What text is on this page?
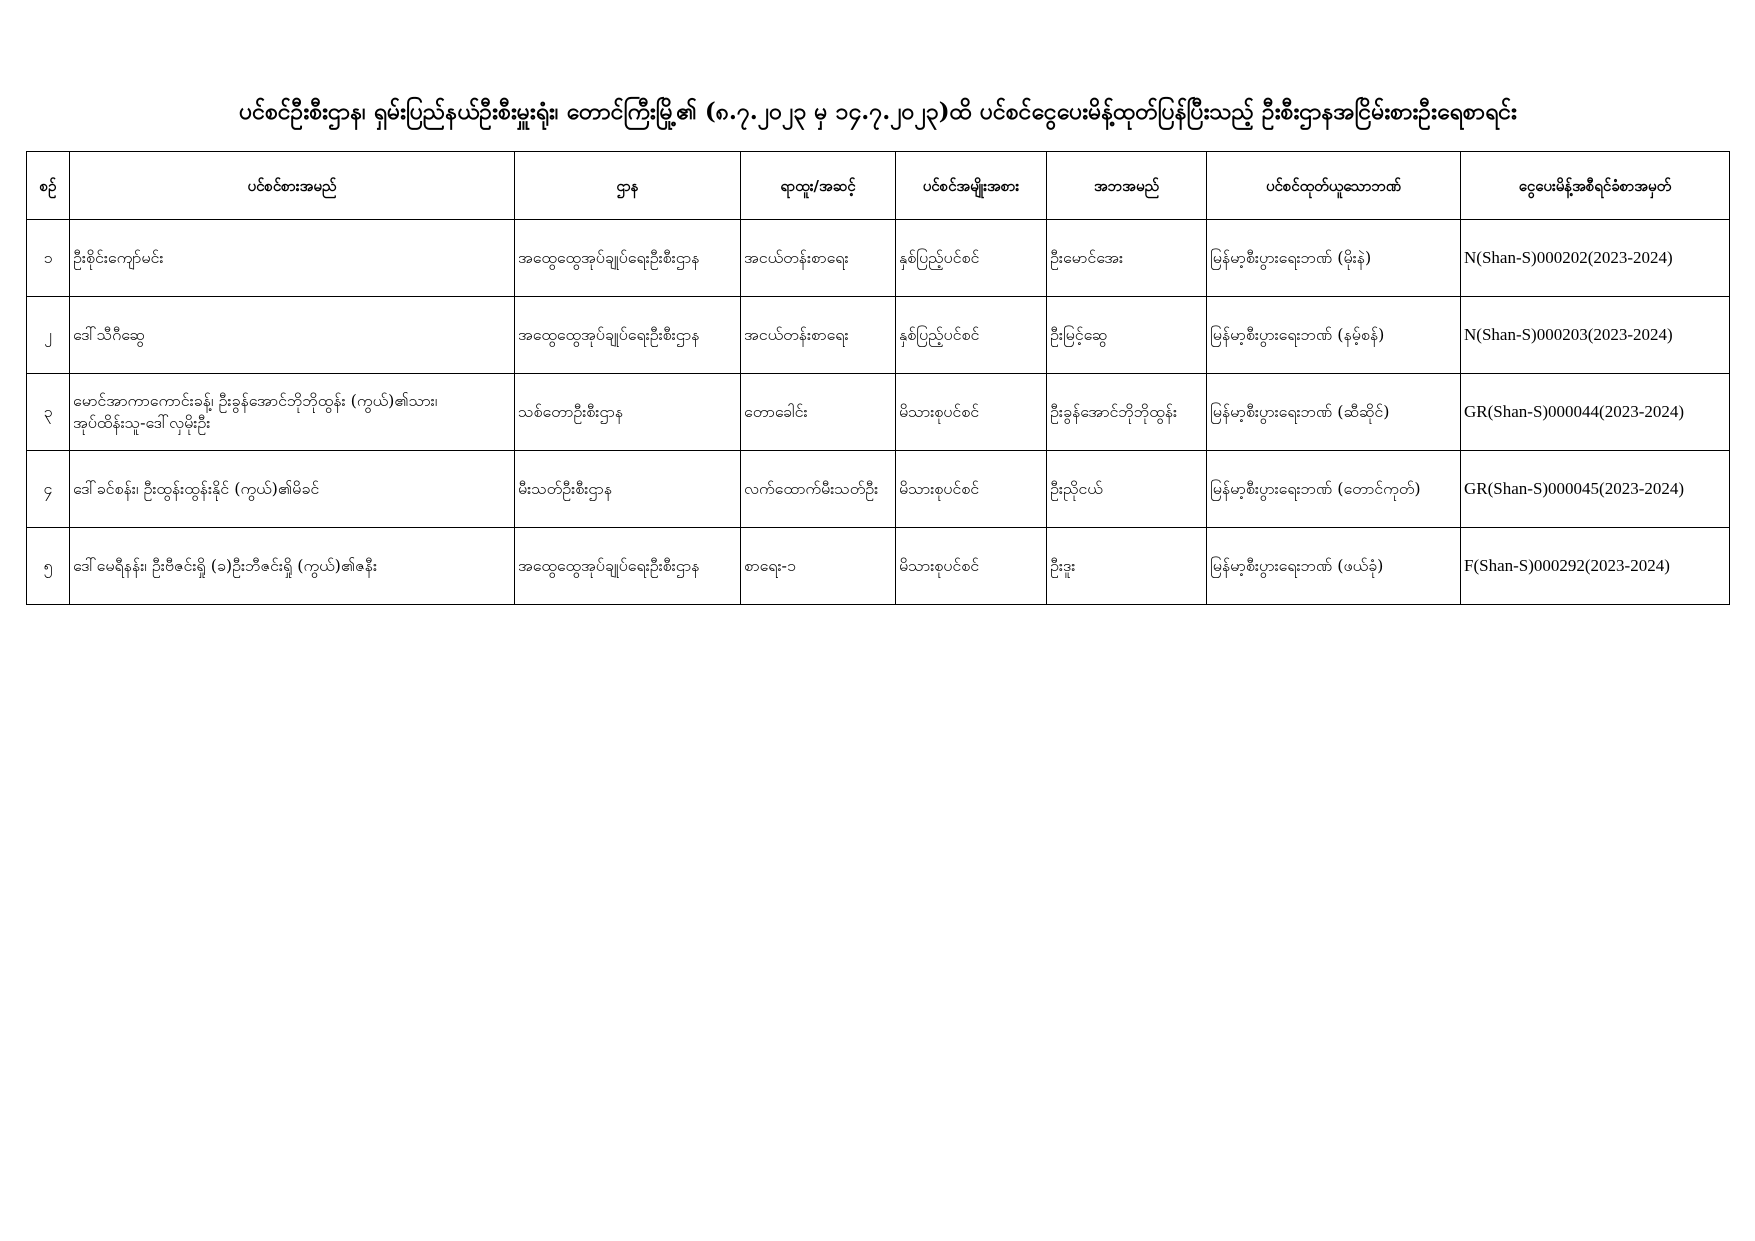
ပင်စင်ဦးစီးဌာန၊ ရှမ်းပြည်နယ်ဦးစီးမှူးရုံး၊ တောင်ကြီးမြို့၏ (၈.၇.၂၀၂၃ မှ ၁၄.၇.၂၀၂၃)ထိ ပင်စင်ငွေပေးမိန့်ထုတ်ပြန်ပြီးသည့် ဦးစီးဌာနအငြိမ်းစားဦးရေစာရင်း
စဉ်	ပင်စင်စားအမည်	ဌာန	ရာထူး/အဆင့်	ပင်စင်အမျိုးအစား	အဘအမည်	ပင်စင်ထုတ်ယူသောဘဏ်	ငွေပေးမိန့်အစီရင်ခံစာအမှတ်
၁	ဦးစိုင်းကျော်မင်း	အထွေထွေအုပ်ချုပ်ရေးဦးစီးဌာန	အငယ်တန်းစာရေး	နှစ်ပြည့်ပင်စင်	ဦးမောင်အေး	မြန်မာ့စီးပွားရေးဘဏ် (မိုးနဲ)	N(Shan-S)000202(2023-2024)
၂	ဒေါ်သီဂီဆွေ	အထွေထွေအုပ်ချုပ်ရေးဦးစီးဌာန	အငယ်တန်းစာရေး	နှစ်ပြည့်ပင်စင်	ဦးမြင့်ဆွေ	မြန်မာ့စီးပွားရေးဘဏ် (နမ့်စန်)	N(Shan-S)000203(2023-2024)
၃	မောင်အာကာကောင်းခန့်၊ ဦးခွန်အောင်ဘိုဘိုထွန်း (ကွယ်)၏သား၊ အုပ်ထိန်းသူ-ဒေါ်လှမိုးဦး	သစ်တောဦးစီးဌာန	တောခေါင်း	မိသားစုပင်စင်	ဦးခွန်အောင်ဘိုဘိုထွန်း	မြန်မာ့စီးပွားရေးဘဏ် (ဆီဆိုင်)	GR(Shan-S)000044(2023-2024)
၄	ဒေါ်ခင်စန်း၊ ဦးထွန်းထွန်းနိုင် (ကွယ်)၏မိခင်	မီးသတ်ဦးစီးဌာန	လက်ထောက်မီးသတ်ဦး	မိသားစုပင်စင်	ဦးညိုငယ်	မြန်မာ့စီးပွားရေးဘဏ် (တောင်ကုတ်)	GR(Shan-S)000045(2023-2024)
၅	ဒေါ်မေရီနန်း၊ ဦးဗီဇင်းရှို (ခ)ဦးဘီဇင်းရှို (ကွယ်)၏ဇနီး	အထွေထွေအုပ်ချုပ်ရေးဦးစီးဌာန	စာရေး-၁	မိသားစုပင်စင်	ဦးဒူး	မြန်မာ့စီးပွားရေးဘဏ် (ဖယ်ခုံ)	F(Shan-S)000292(2023-2024)
